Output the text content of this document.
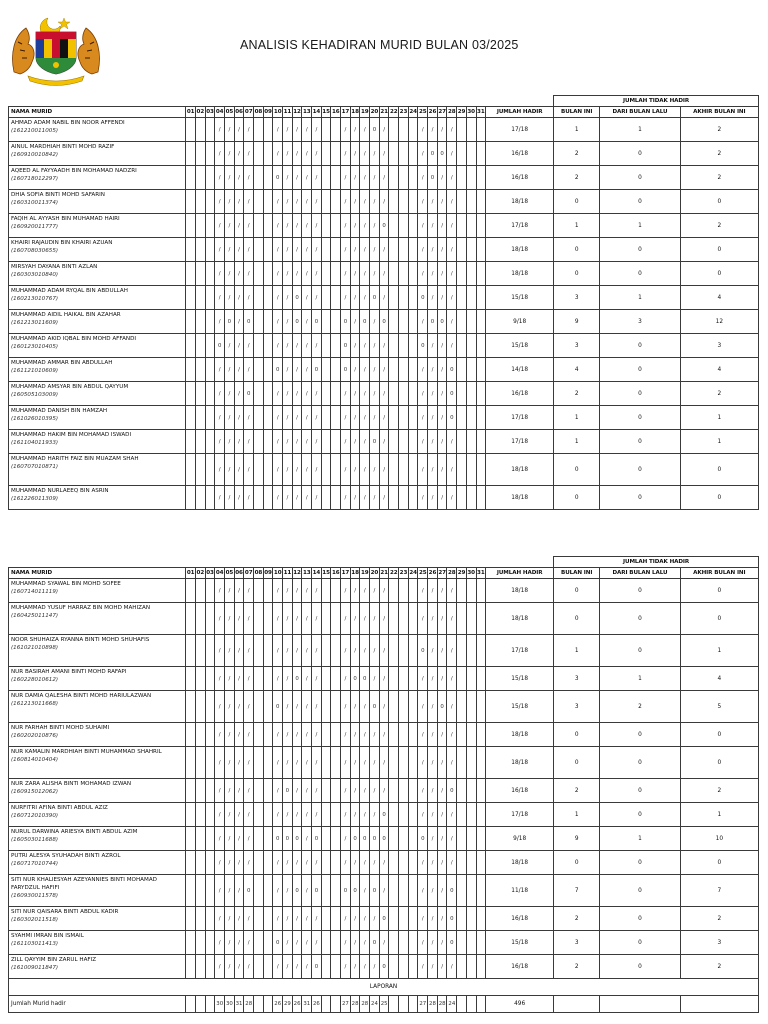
ANALISIS KEHADIRAN MURID BULAN 03/2025
																																	JUMLAH TIDAK HADIR		
NAMA MURID	01	02	03	04	05	06	07	08	09	10	11	12	13	14	15	16	17	18	19	20	21	22	23	24	25	26	27	28	29	30	31	JUMLAH HADIR	BULAN INI	DARI BULAN LALU	AKHIR BULAN INI
AHMAD ADAM NABIL BIN NOOR AFFENDI
(161210011005)				/	/	/	/			/	/	/	/	/			/	/	/	0	/				/	/	/	/				17/18	1	1	2
AINUL MARDHIAH BINTI MOHD RAZIF
(160910010842)				/	/	/	/			/	/	/	/	/			/	/	/	/	/				/	0	0	/				16/18	2	0	2
AQEED AL FAYYAADH BIN MOHAMAD NADZRI
(160718012297)				/	/	/	/			0	/	/	/	/			/	/	/	/	/				/	0	/	/				16/18	2	0	2
DHIA SOFIA BINTI MOHD SAFARIN
(160310011374)				/	/	/	/			/	/	/	/	/			/	/	/	/	/				/	/	/	/				18/18	0	0	0
FAQIH AL AYYASH BIN MUHAMAD HAIRI
(160920011777)				/	/	/	/			/	/	/	/	/			/	/	/	/	0				/	/	/	/				17/18	1	1	2
KHAIRI RAJAUDIN BIN KHAIRI AZUAN
(160708030655)				/	/	/	/			/	/	/	/	/			/	/	/	/	/				/	/	/	/				18/18	0	0	0
MIRSYAH DAYANA BINTI AZLAN
(160303010840)				/	/	/	/			/	/	/	/	/			/	/	/	/	/				/	/	/	/				18/18	0	0	0
MUHAMMAD ADAM RYQAL BIN ABDULLAH
(160213010767)				/	/	/	/			/	/	0	/	/			/	/	/	0	/				0	/	/	/				15/18	3	1	4
MUHAMMAD AIDIL HAIKAL BIN AZAHAR
(161213011609)				/	0	/	0			/	/	0	/	0			0	/	0	/	0				/	0	0	/				9/18	9	3	12
MUHAMMAD AKID IQBAL BIN MOHD AFFANDI
(160123010405)				0	/	/	/			/	/	/	/	/			0	/	/	/	/				0	/	/	/				15/18	3	0	3
MUHAMMAD AMMAR BIN ABDULLAH
(161121010609)				/	/	/	/			0	/	/	/	0			0	/	/	/	/				/	/	/	0				14/18	4	0	4
MUHAMMAD AMSYAR BIN ABDUL QAYYUM
(160505103009)				/	/	/	0			/	/	/	/	/			/	/	/	/	/				/	/	/	0				16/18	2	0	2
MUHAMMAD DANISH BIN HAMZAH
(161026010395)				/	/	/	/			/	/	/	/	/			/	/	/	/	/				/	/	/	0				17/18	1	0	1
MUHAMMAD HAKIM BIN MOHAMAD ISWADI
(161104011933)				/	/	/	/			/	/	/	/	/			/	/	/	0	/				/	/	/	/				17/18	1	0	1
MUHAMMAD HARITH FAIZ BIN MUAZAM SHAH
(160707010871)				/	/	/	/			/	/	/	/	/			/	/	/	/	/				/	/	/	/				18/18	0	0	0
MUHAMMAD NURLAEEQ BIN ASRIN
(161226011309)				/	/	/	/			/	/	/	/	/			/	/	/	/	/				/	/	/	/				18/18	0	0	0
																																	JUMLAH TIDAK HADIR		
NAMA MURID	01	02	03	04	05	06	07	08	09	10	11	12	13	14	15	16	17	18	19	20	21	22	23	24	25	26	27	28	29	30	31	JUMLAH HADIR	BULAN INI	DARI BULAN LALU	AKHIR BULAN INI
MUHAMMAD SYAWAL BIN MOHD SOFEE
(160714011119)				/	/	/	/			/	/	/	/	/			/	/	/	/	/				/	/	/	/				18/18	0	0	0
MUHAMMAD YUSUF HARRAZ BIN MOHD MAHIZAN
(160425011147)				/	/	/	/			/	/	/	/	/			/	/	/	/	/				/	/	/	/				18/18	0	0	0
NOOR SHUHAIZA RYANNA BINTI MOHD SHUHAFIS
(161021010898)				/	/	/	/			/	/	/	/	/			/	/	/	/	/				0	/	/	/				17/18	1	0	1
NUR BASIRAH AMANI BINTI MOHD RAFAPI
(160228010612)				/	/	/	/			/	/	0	/	/			/	0	0	/	/				/	/	/	/				15/18	3	1	4
NUR DAMIA QALESHA BINTI MOHD HARIULAZWAN
(161213011668)				/	/	/	/			0	/	/	/	/			/	/	/	0	/				/	/	0	/				15/18	3	2	5
NUR FARHAH BINTI MOHD SUHAIMI
(160202010876)				/	/	/	/			/	/	/	/	/			/	/	/	/	/				/	/	/	/				18/18	0	0	0
NUR KAMALIN MARDHIAH BINTI MUHAMMAD SHAHRIL
(160814010404)				/	/	/	/			/	/	/	/	/			/	/	/	/	/				/	/	/	/				18/18	0	0	0
NUR ZARA ALISHA BINTI MOHAMAD IZWAN
(160915012062)				/	/	/	/			/	0	/	/	/			/	/	/	/	/				/	/	/	0				16/18	2	0	2
NURFITRI AFINA BINTI ABDUL AZIZ
(160712010390)				/	/	/	/			/	/	/	/	/			/	/	/	/	0				/	/	/	/				17/18	1	0	1
NURUL DARWINA ARIESYA BINTI ABDUL AZIM
(160503011688)				/	/	/	/			0	0	0	/	0			/	0	0	0	0				0	/	/	/				9/18	9	1	10
PUTRI ALESYA SYUHADAH BINTI AZROL
(160717010744)				/	/	/	/			/	/	/	/	/			/	/	/	/	/				/	/	/	/				18/18	0	0	0
SITI NUR KHALIESYAH AZEYANNIES BINTI MOHAMAD FARYDZUL HAFIFI
(160930011578)				/	/	/	0			/	/	0	/	0			0	0	/	0	/				/	/	/	0				11/18	7	0	7
SITI NUR QAISARA BINTI ABDUL KADIR
(160302011518)				/	/	/	/			/	/	/	/	/			/	/	/	/	0				/	/	/	0				16/18	2	0	2
SYAHMI IMRAN BIN ISMAIL
(161103011413)				/	/	/	/			0	/	/	/	/			/	/	/	0	/				/	/	/	0				15/18	3	0	3
ZILL QAYYIM BIN ZARUL HAFIZ
(161009011847)				/	/	/	/			/	/	/	/	0			/	/	/	/	0				/	/	/	/				16/18	2	0	2
LAPORAN																																			
Jumlah Murid hadir				30	30	31	28			26	29	26	31	26			27	28	28	24	25				27	28	28	24				496			
